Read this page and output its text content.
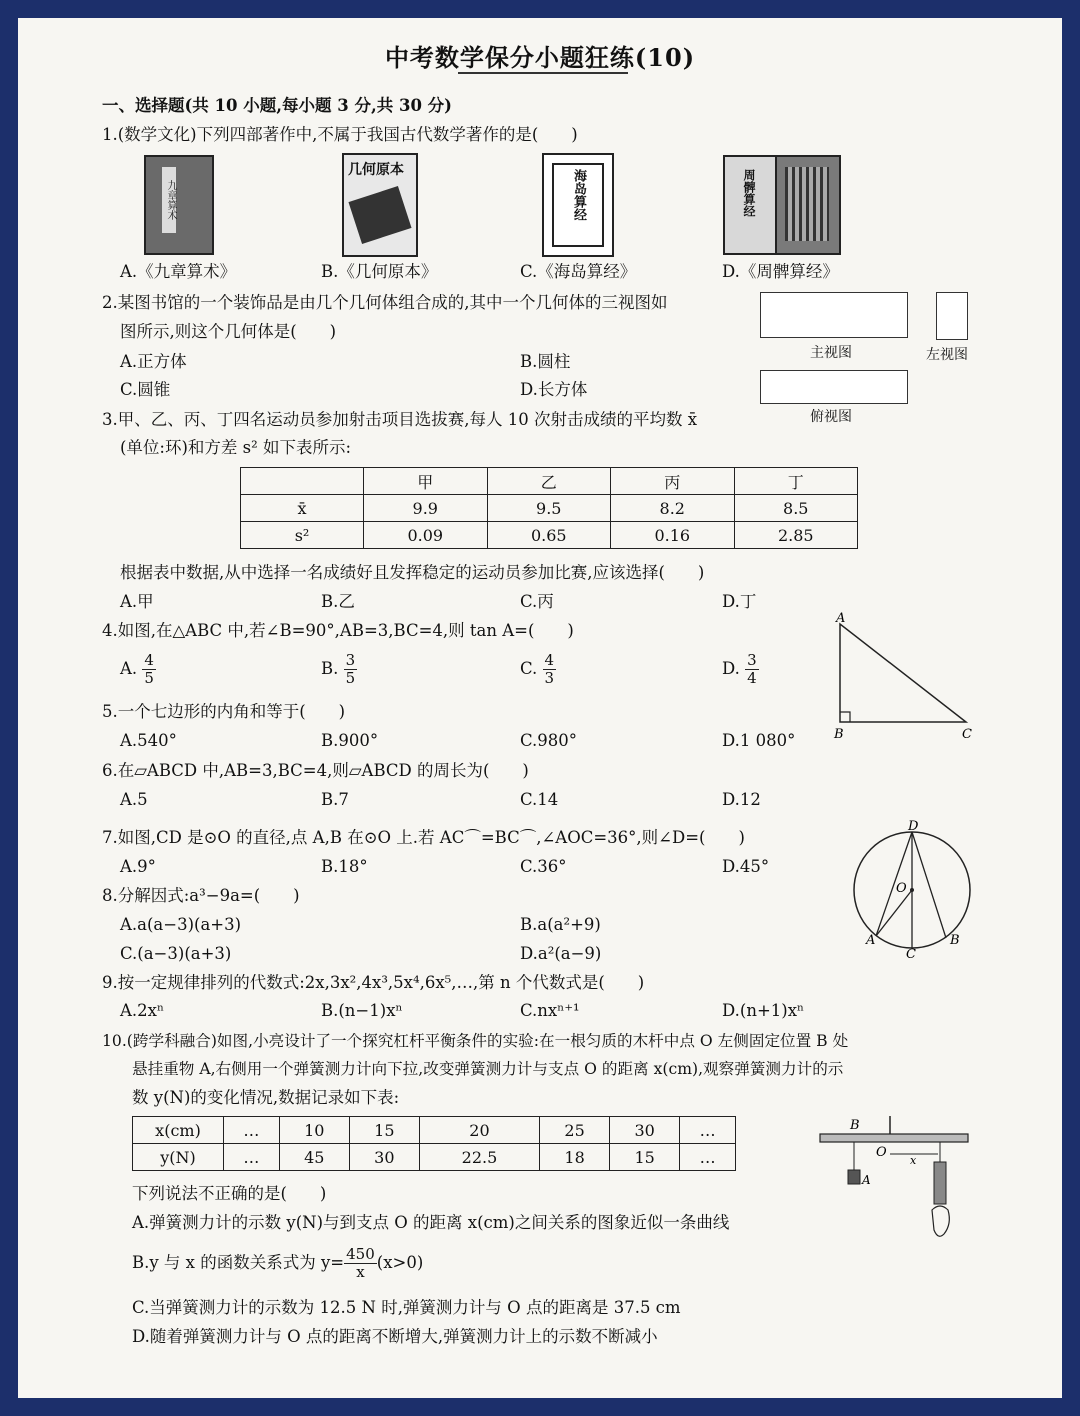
中考数学保分小题狂练(10)
一、选择题(共 10 小题,每小题 3 分,共 30 分)
1.(数学文化)下列四部著作中,不属于我国古代数学著作的是(　　)
九章算术
几何原本	海岛算经	周髀算经
A.《九章算术》	B.《几何原本》	C.《海岛算经》	D.《周髀算经》
2.某图书馆的一个装饰品是由几个几何体组合成的,其中一个几何体的三视图如
图所示,则这个几何体是(　　)
A.正方体	B.圆柱
C.圆锥	D.长方体
主视图	左视图
俯视图
3.甲、乙、丙、丁四名运动员参加射击项目选拔赛,每人 10 次射击成绩的平均数 x̄
(单位:环)和方差 s² 如下表所示:
	甲	乙	丙	丁
x̄	9.9	9.5	8.2	8.5
s²	0.09	0.65	0.16	2.85
根据表中数据,从中选择一名成绩好且发挥稳定的运动员参加比赛,应该选择(　　)
A.甲	B.乙	C.丙	D.丁
4.如图,在△ABC 中,若∠B=90°,AB=3,BC=4,则 tan A=(　　)
A. $\frac{4}{5}$	B. $\frac{3}{5}$	C. $\frac{4}{3}$	D. $\frac{3}{4}$
A
B	C
5.一个七边形的内角和等于(　　)
A.540°	B.900°	C.980°	D.1 080°
6.在▱ABCD 中,AB=3,BC=4,则▱ABCD 的周长为(　　)
A.5	B.7	C.14	D.12
7.如图,CD 是⊙O 的直径,点 A,B 在⊙O 上.若 AC⌒=BC⌒,∠AOC=36°,则∠D=(　　)
A.9°	B.18°	C.36°	D.45°
D
O
A
C
B
8.分解因式:a³−9a=(　　)
A.a(a−3)(a+3)	B.a(a²+9)
C.(a−3)(a+3)	D.a²(a−9)
9.按一定规律排列的代数式:2x,3x²,4x³,5x⁴,6x⁵,…,第 n 个代数式是(　　)
A.2xⁿ	B.(n−1)xⁿ	C.nxⁿ⁺¹	D.(n+1)xⁿ
10.(跨学科融合)如图,小亮设计了一个探究杠杆平衡条件的实验:在一根匀质的木杆中点 O 左侧固定位置 B 处
悬挂重物 A,右侧用一个弹簧测力计向下拉,改变弹簧测力计与支点 O 的距离 x(cm),观察弹簧测力计的示
数 y(N)的变化情况,数据记录如下表:
x(cm)	…	10	15	20	25	30	…
y(N)	…	45	30	22.5	18	15	…
下列说法不正确的是(　　)
A.弹簧测力计的示数 y(N)与到支点 O 的距离 x(cm)之间关系的图象近似一条曲线
B.y 与 x 的函数关系式为 $y= \frac{450}{x} (x>0)$
C.当弹簧测力计的示数为 12.5 N 时,弹簧测力计与 O 点的距离是 37.5 cm
D.随着弹簧测力计与 O 点的距离不断增大,弹簧测力计上的示数不断减小
B
O
x
A
